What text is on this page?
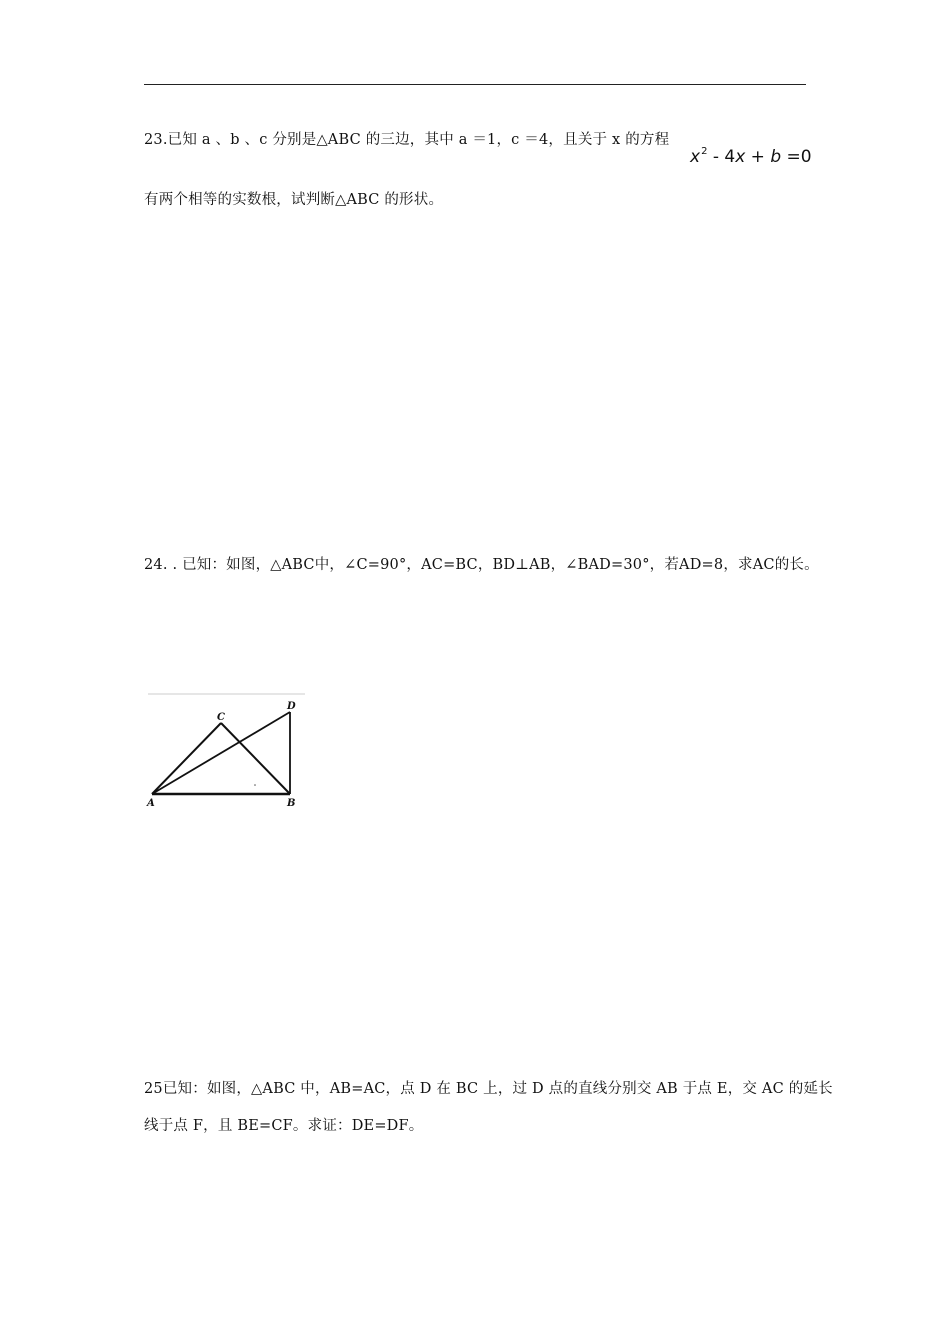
23.已知 a 、b 、c 分别是△ABC 的三边，其中 a ＝1，c ＝4，且关于 x 的方程
$x^2 - 4x + b =0$
有两个相等的实数根，试判断△ABC 的形状。
24. . 已知：如图，△ABC中，∠C=90°，AC=BC，BD⊥AB，∠BAD=30°，若AD=8，求AC的长。
A	B
C
D
25已知：如图，△ABC 中，AB=AC，点 D 在 BC 上，过 D 点的直线分别交 AB 于点 E，交 AC 的延长
线于点 F，且 BE=CF。求证：DE=DF。
